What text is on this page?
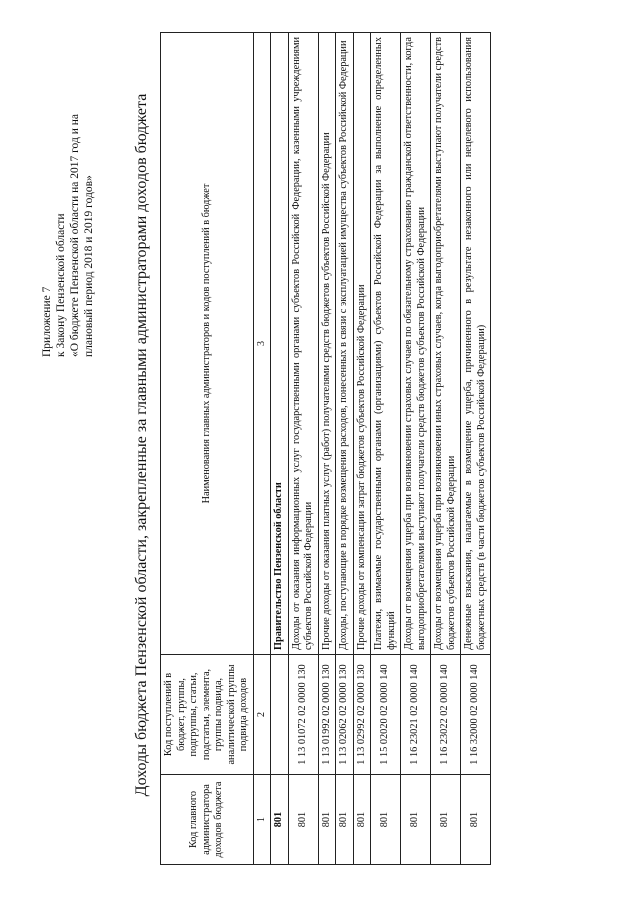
Приложение 7 к Закону Пензенской области «О бюджете Пензенской области на 2017 год и на плановый период 2018 и 2019 годов» Доходы бюджета Пензенской области, закрепленные за главными администраторами доходов бюджета
Код главного администратора доходов бюджета	Код поступлений в бюджет, группы, подгруппы, статьи, подстатьи, элемента, группы подвида, аналитической группы подвида доходов	Наименования главных администраторов и кодов поступлений в бюджет
1	2	3
801		Правительство Пензенской области
801	1 13 01072 02 0000 130	Доходы от оказания информационных услуг государственными органами субъектов Российской Федерации, казенными учреждениями субъектов Российской Федерации
801	1 13 01992 02 0000 130	Прочие доходы от оказания платных услуг (работ) получателями средств бюджетов субъектов Российской Федерации
801	1 13 02062 02 0000 130	Доходы, поступающие в порядке возмещения расходов, понесенных в связи с эксплуатацией имущества субъектов Российской Федерации
801	1 13 02992 02 0000 130	Прочие доходы от компенсации затрат бюджетов субъектов Российской Федерации
801	1 15 02020 02 0000 140	Платежи, взимаемые государственными органами (организациями) субъектов Российской Федерации за выполнение определенных функций
801	1 16 23021 02 0000 140	Доходы от возмещения ущерба при возникновении страховых случаев по обязательному страхованию гражданской ответственности, когда выгодоприобретателями выступают получатели средств бюджетов субъектов Российской Федерации
801	1 16 23022 02 0000 140	Доходы от возмещения ущерба при возникновении иных страховых случаев, когда выгодоприобретателями выступают получатели средств бюджетов субъектов Российской Федерации
801	1 16 32000 02 0000 140	Денежные взыскания, налагаемые в возмещение ущерба, причиненного в результате незаконного или нецелевого использования бюджетных средств (в части бюджетов субъектов Российской Федерации)
